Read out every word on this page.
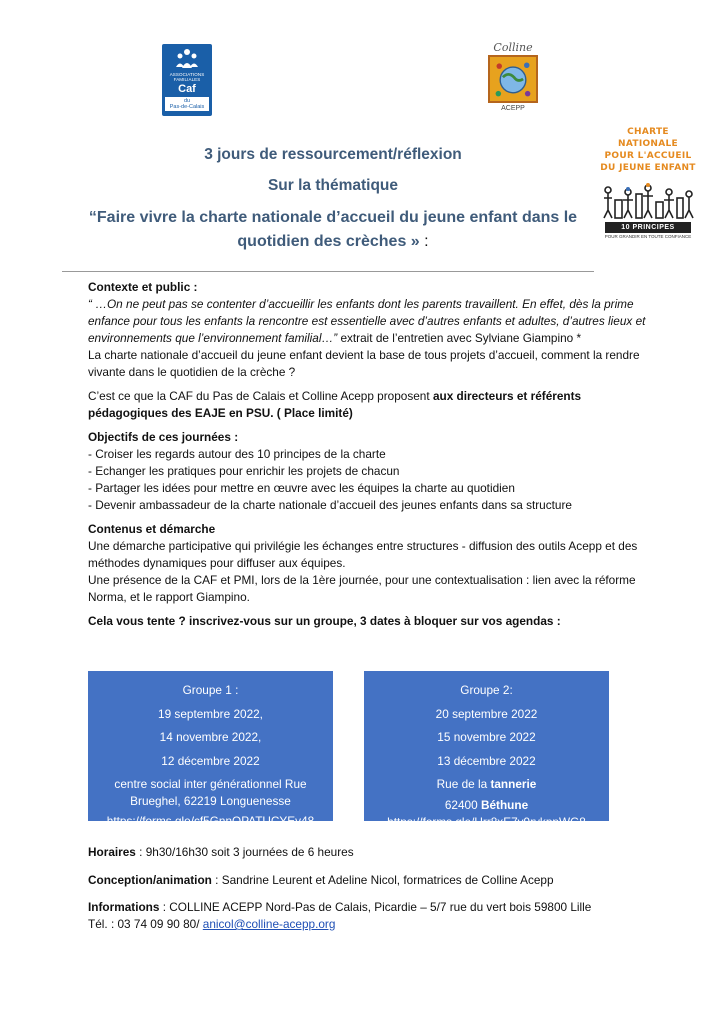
ASSOCIATIONS FAMILIALES
Caf
du
Pas-de-Calais
Colline
ACEPP
CHARTE NATIONALE
POUR L'ACCUEIL
DU JEUNE ENFANT
10 PRINCIPES
POUR GRANDIR EN TOUTE CONFIANCE
3 jours de ressourcement/réflexion
Sur la thématique
“Faire vivre la charte nationale d’accueil du jeune enfant dans le
quotidien des crèches » :

Contexte et public :

“ …On ne peut pas se contenter d’accueillir les enfants dont les parents travaillent. En effet, dès la prime enfance pour tous les enfants la rencontre est essentielle avec d’autres enfants et adultes, d’autres lieux et environnements que l’environnement familial…” extrait de l’entretien avec Sylviane Giampino *

La charte nationale d’accueil du jeune enfant devient la base de tous projets d’accueil, comment la rendre vivante dans le quotidien de la crèche ?

C’est ce que la CAF du Pas de Calais et Colline Acepp proposent aux directeurs et référents pédagogiques des EAJE en PSU. ( Place limité)

Objectifs de ces journées :

- Croiser les regards autour des 10 principes de la charte
- Echanger les pratiques pour enrichir les projets de chacun
- Partager les idées pour mettre en œuvre avec les équipes la charte au quotidien
- Devenir ambassadeur de la charte nationale d’accueil des jeunes enfants dans sa structure

Contenus et démarche

Une démarche participative qui privilégie les échanges entre structures - diffusion des outils Acepp et des méthodes dynamiques pour diffuser aux équipes.

Une présence de la CAF et PMI, lors de la 1ère journée, pour une contextualisation : lien avec la réforme Norma, et le rapport Giampino.

Cela vous tente ? inscrivez-vous sur un groupe, 3 dates à bloquer sur vos agendas :

Groupe 1 :
19 septembre 2022,
14 novembre 2022,
12 décembre 2022
centre social inter générationnel Rue
Brueghel, 62219 Longuenesse
https://forms.gle/cf5GnnQPATUCYEv48
Groupe 2:
20 septembre 2022
15 novembre 2022
13 décembre 2022
Rue de la tannerie
62400 Béthune
https://forms.gle/Urr8xE7v9rykppWG8
Horaires : 9h30/16h30 soit 3 journées de 6 heures
Conception/animation : Sandrine Leurent et Adeline Nicol, formatrices de Colline Acepp
Informations : COLLINE ACEPP Nord-Pas de Calais, Picardie – 5/7 rue du vert bois 59800 Lille
Tél. : 03 74 09 90 80/ anicol@colline-acepp.org
